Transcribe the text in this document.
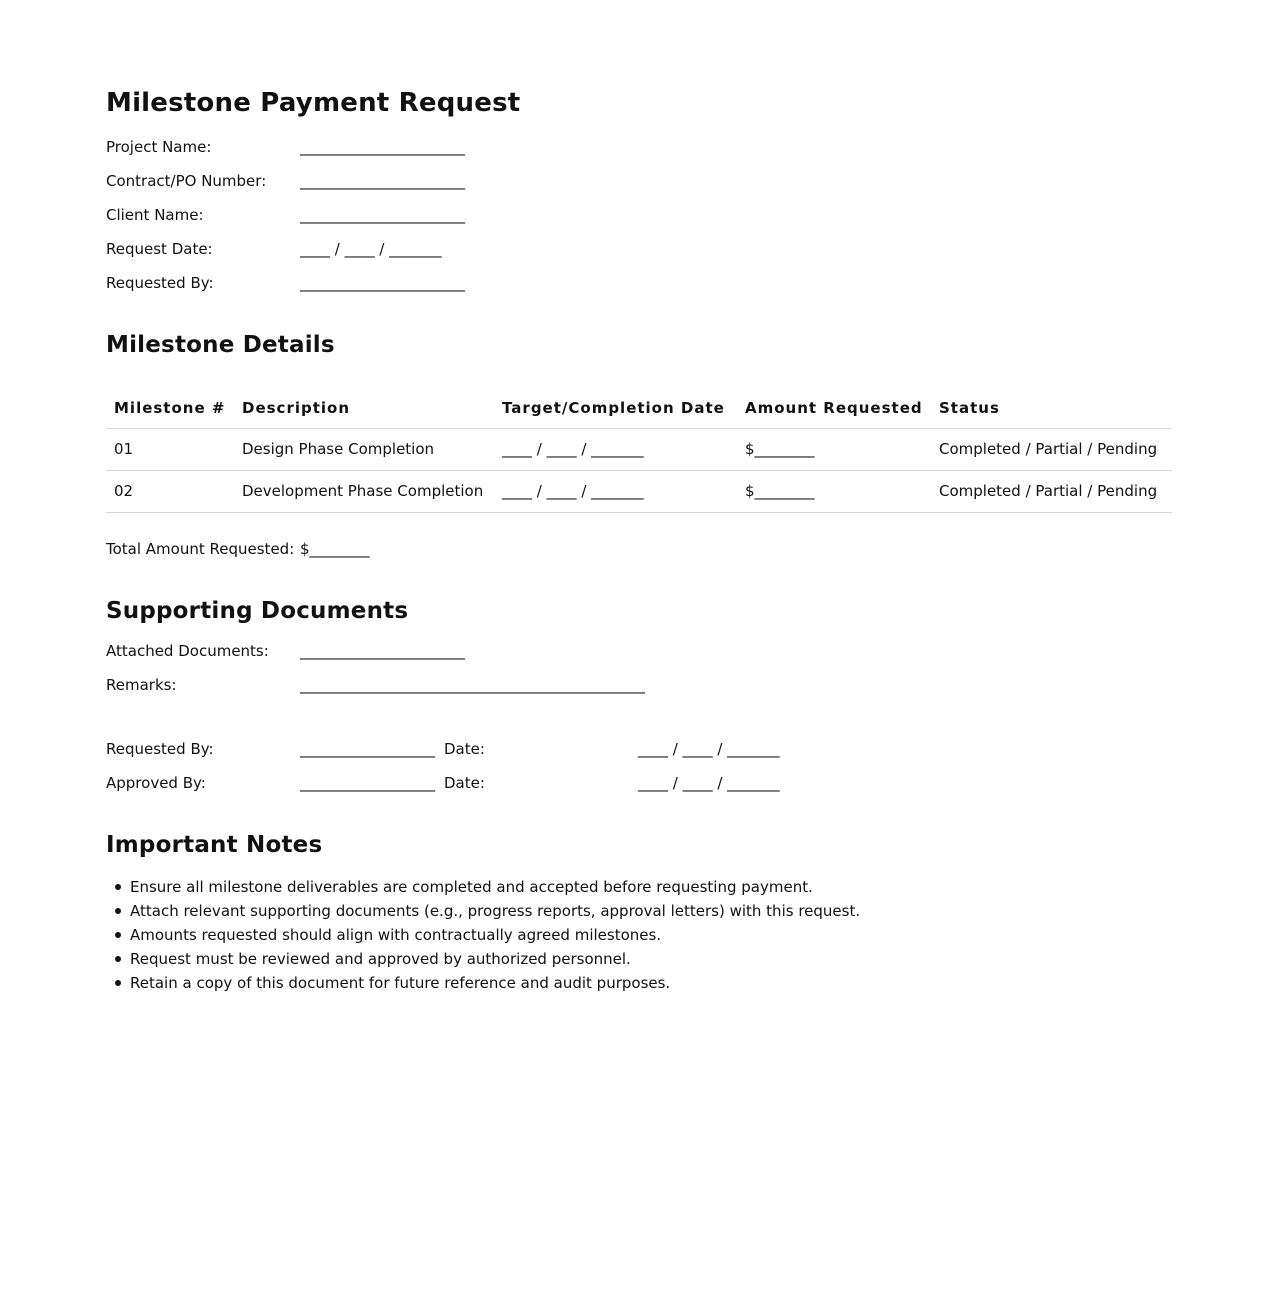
Milestone Payment Request
Project Name:	______________________
Contract/PO Number: ______________________
Client Name:	______________________
Request Date:	____ / ____ / _______
Requested By:	______________________
Milestone Details
Milestone #	Description	Target/Completion Date	Amount Requested	Status
01	Design Phase Completion	____ / ____ / _______	$________	Completed / Partial / Pending
02	Development Phase Completion	____ / ____ / _______	$________	Completed / Partial / Pending
Total Amount Requested: $________
Supporting Documents
Attached Documents: ______________________
Remarks:	______________________________________________
Requested By:	__________________ Date:	____ / ____ / _______
Approved By:	__________________ Date:	____ / ____ / _______
Important Notes
Ensure all milestone deliverables are completed and accepted before requesting payment.
Attach relevant supporting documents (e.g., progress reports, approval letters) with this request.
Amounts requested should align with contractually agreed milestones.
Request must be reviewed and approved by authorized personnel.
Retain a copy of this document for future reference and audit purposes.
